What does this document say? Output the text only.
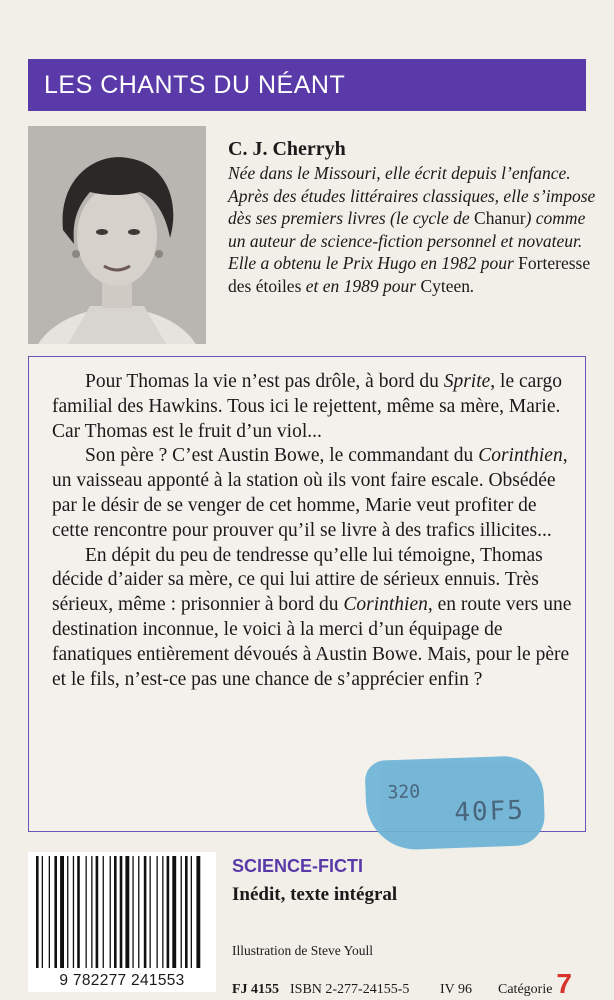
LES CHANTS DU NÉANT
C. J. Cherryh
Née dans le Missouri, elle écrit depuis l’enfance. Après des études littéraires classiques, elle s’impose dès ses premiers livres (le cycle de Chanur) comme un auteur de science-fiction personnel et novateur. Elle a obtenu le Prix Hugo en 1982 pour Forteresse des étoiles et en 1989 pour Cyteen.

Pour Thomas la vie n’est pas drôle, à bord du Sprite, le cargo familial des Hawkins. Tous ici le rejettent, même sa mère, Marie. Car Thomas est le fruit d’un viol...

Son père ? C’est Austin Bowe, le commandant du Corinthien, un vaisseau apponté à la station où ils vont faire escale. Obsédée par le désir de se venger de cet homme, Marie veut profiter de cette rencontre pour prouver qu’il se livre à des trafics illicites...

En dépit du peu de tendresse qu’elle lui témoigne, Thomas décide d’aider sa mère, ce qui lui attire de sérieux ennuis. Très sérieux, même : prisonnier à bord du Corinthien, en route vers une destination inconnue, le voici à la merci d’un équipage de fanatiques entièrement dévoués à Austin Bowe. Mais, pour le père et le fils, n’est-ce pas une chance de s’apprécier enfin ?

320
40F5
9 782277 241553
SCIENCE-FICTI
Inédit, texte intégral
Illustration de Steve Youll
FJ 4155 ISBN 2-277-24155-5	IV 96	Catégorie 7
